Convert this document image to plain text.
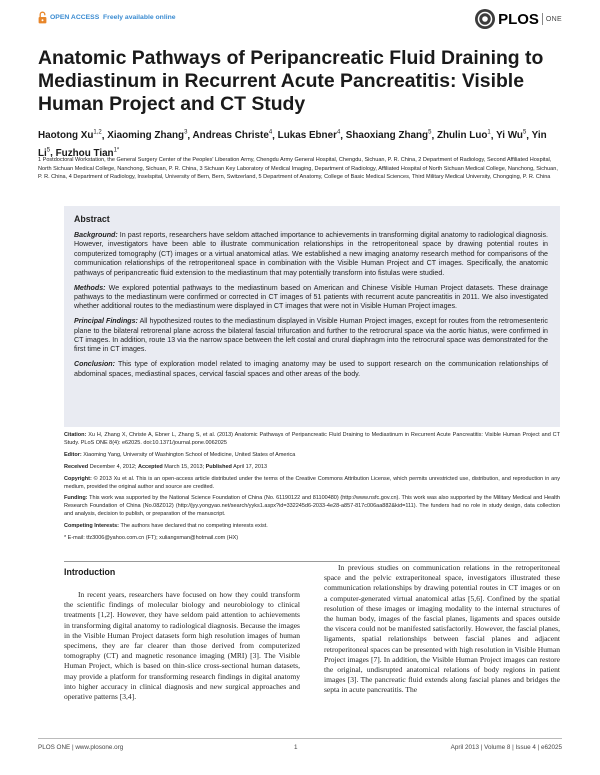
OPEN ACCESS Freely available online	PLOS ONE
Anatomic Pathways of Peripancreatic Fluid Draining to Mediastinum in Recurrent Acute Pancreatitis: Visible Human Project and CT Study
Haotong Xu$^{1,2}$, Xiaoming Zhang$^3$, Andreas Christe$^4$, Lukas Ebner$^4$, Shaoxiang Zhang$^5$, Zhulin Luo$^1$, Yi Wu$^5$, Yin Li$^5$, Fuzhou Tian$^{1*}$
1 Postdoctoral Workstation, the General Surgery Center of the Peoples' Liberation Army, Chengdu Army General Hospital, Chengdu, Sichuan, P. R. China, 2 Department of Radiology, Second Affiliated Hospital, North Sichuan Medical College, Nanchong, Sichuan, P. R. China, 3 Sichuan Key Laboratory of Medical Imaging, Department of Radiology, Affiliated Hospital of North Sichuan Medical College, Nanchong, Sichuan, P. R. China, 4 Department of Radiology, Inselspital, University of Bern, Bern, Switzerland, 5 Department of Anatomy, College of Basic Medical Sciences, Third Military Medical University, Chongqing, P. R. China
Abstract

Background: In past reports, researchers have seldom attached importance to achievements in transforming digital anatomy to radiological diagnosis. However, investigators have been able to illustrate communication relationships in the retroperitoneal space by drawing potential routes in computerized tomography (CT) images or a virtual anatomical atlas. We established a new imaging anatomy research method for comparisons of the communication relationships of the retroperitoneal space in combination with the Visible Human Project and CT images. Specifically, the anatomic pathways of peripancreatic fluid extension to the mediastinum that may potentially transform into fistulas were studied.

Methods: We explored potential pathways to the mediastinum based on American and Chinese Visible Human Project datasets. These drainage pathways to the mediastinum were confirmed or corrected in CT images of 51 patients with recurrent acute pancreatitis in 2011. We also investigated whether additional routes to the mediastinum were displayed in CT images that were not in Visible Human Project images.

Principal Findings: All hypothesized routes to the mediastinum displayed in Visible Human Project images, except for routes from the retromesenteric plane to the bilateral retrorenal plane across the bilateral fascial trifurcation and further to the retrocrural space via the aortic hiatus, were confirmed in CT images. In addition, route 13 via the narrow space between the left costal and crural diaphragm into the retrocrural space was demonstrated for the first time in CT images.

Conclusion: This type of exploration model related to imaging anatomy may be used to support research on the communication relationships of abdominal spaces, mediastinal spaces, cervical fascial spaces and other areas of the body.

Citation: Xu H, Zhang X, Christe A, Ebner L, Zhang S, et al. (2013) Anatomic Pathways of Peripancreatic Fluid Draining to Mediastinum in Recurrent Acute Pancreatitis: Visible Human Project and CT Study. PLoS ONE 8(4): e62025. doi:10.1371/journal.pone.0062025

Editor: Xiaoming Yang, University of Washington School of Medicine, United States of America

Received December 4, 2012; Accepted March 15, 2013; Published April 17, 2013

Copyright: © 2013 Xu et al. This is an open-access article distributed under the terms of the Creative Commons Attribution License, which permits unrestricted use, distribution, and reproduction in any medium, provided the original author and source are credited.

Funding: This work was supported by the National Science Foundation of China (No. 61190122 and 81100480) (http://www.nsfc.gov.cn). This work was also supported by the Military Medical and Health Research Foundation of China (No.08Z012) (http://jyy.yongyao.net/search/yyks1.aspx?id=332245d6-2033-4e28-a857-817c006aa882&kid=111). The funders had no role in study design, data collection and analysis, decision to publish, or preparation of the manuscript.

Competing Interests: The authors have declared that no competing interests exist.

* E-mail: tfz3006@yahoo.com.cn (FT); xuliangxman@hotmail.com (HX)

Introduction

In recent years, researchers have focused on how they could transform the scientific findings of molecular biology and neurobiology to clinical treatments [1,2]. However, they have seldom paid attention to achievements in transforming digital anatomy to radiological diagnosis. Because the images in the Visible Human Project datasets form high resolution images of human specimens, they are far clearer than those derived from computerized tomography (CT) and magnetic resonance imaging (MRI) [3]. The Visible Human Project, which is based on thin-slice cross-sectional human datasets, may provide a platform for transforming research findings in digital anatomy into higher accuracy in clinical diagnosis and new surgical approaches and operative patterns [3,4].

In previous studies on communication relations in the retroperitoneal space and the pelvic extraperitoneal space, investigators illustrated these communication relationships by drawing potential routes in CT images or on a computer-generated virtual anatomical atlas [5,6]. Confined by the spatial resolution of these images or imaging modality to the internal structures of the human body, images of the fascial planes, ligaments and spaces outside the viscera could not be manifested satisfactorily. However, the fascial planes, ligaments, spatial relationships between fascial planes and adjacent retroperitoneal spaces can be presented with high resolution in Visible Human Project images [7]. In addition, the Visible Human Project images can restore the original, undisrupted anatomical relations of body regions in patient images [3]. The pancreatic fluid extends along fascial planes and bridges the septa in acute pancreatitis. The

PLOS ONE | www.plosone.org	1	April 2013 | Volume 8 | Issue 4 | e62025
